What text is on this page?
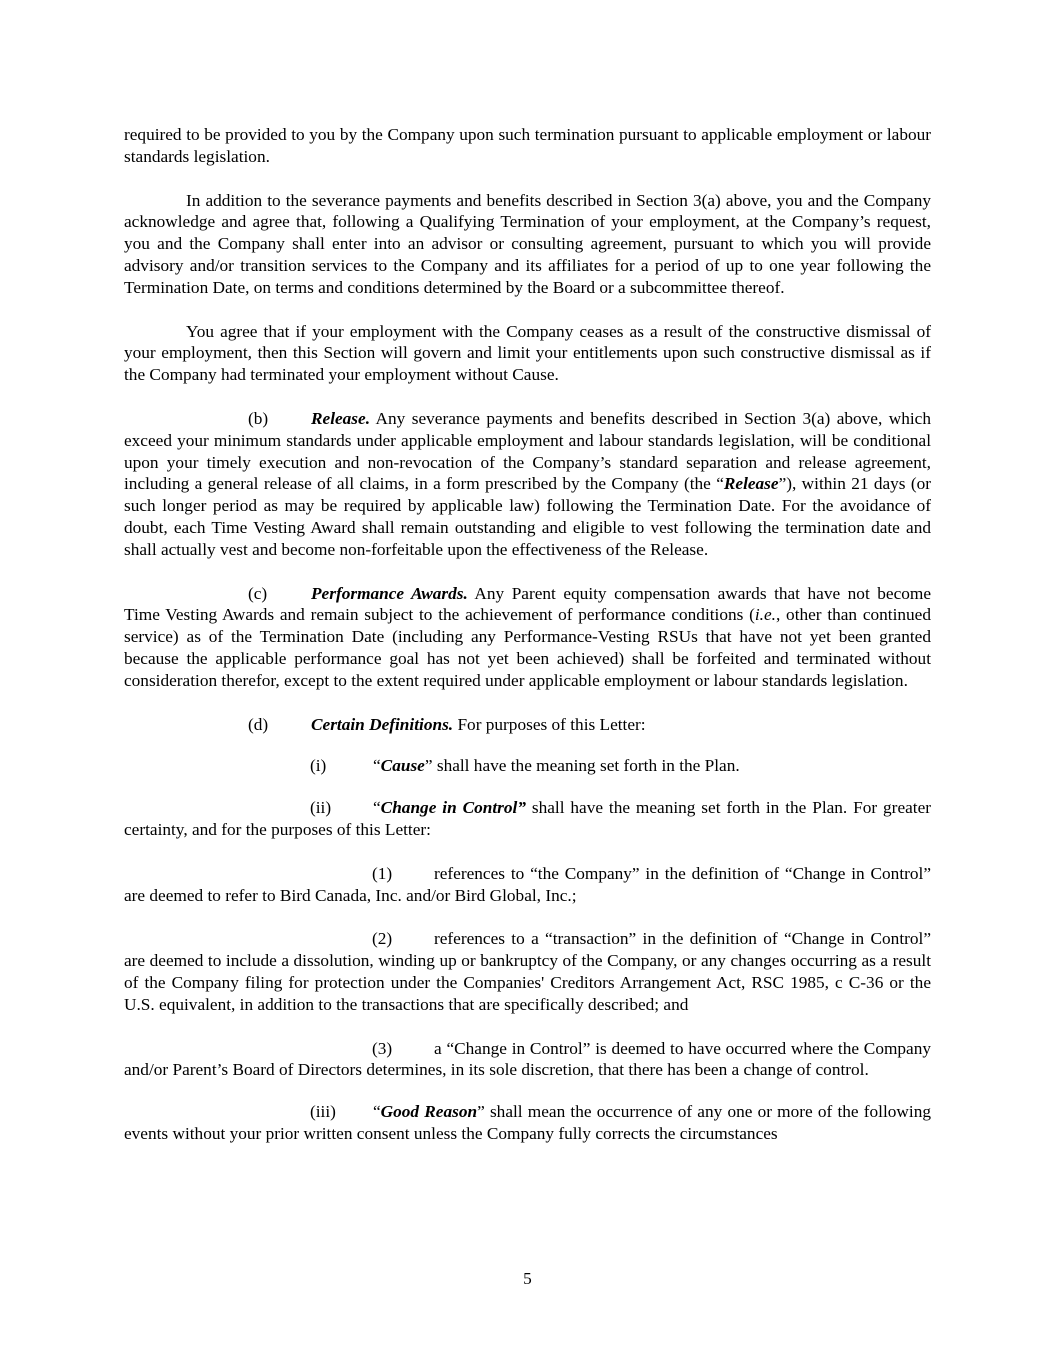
required to be provided to you by the Company upon such termination pursuant to applicable employment or labour standards legislation.

In addition to the severance payments and benefits described in Section 3(a) above, you and the Company acknowledge and agree that, following a Qualifying Termination of your employment, at the Company’s request, you and the Company shall enter into an advisor or consulting agreement, pursuant to which you will provide advisory and/or transition services to the Company and its affiliates for a period of up to one year following the Termination Date, on terms and conditions determined by the Board or a subcommittee thereof.

You agree that if your employment with the Company ceases as a result of the constructive dismissal of your employment, then this Section will govern and limit your entitlements upon such constructive dismissal as if the Company had terminated your employment without Cause.

(b) Release. Any severance payments and benefits described in Section 3(a) above, which exceed your minimum standards under applicable employment and labour standards legislation, will be conditional upon your timely execution and non-revocation of the Company’s standard separation and release agreement, including a general release of all claims, in a form prescribed by the Company (the “Release”), within 21 days (or such longer period as may be required by applicable law) following the Termination Date. For the avoidance of doubt, each Time Vesting Award shall remain outstanding and eligible to vest following the termination date and shall actually vest and become non-forfeitable upon the effectiveness of the Release.

(c)	Performance Awards. Any Parent equity compensation awards that have not become Time Vesting Awards and remain subject to the achievement of performance conditions (i.e., other than continued service) as of the Termination Date (including any Performance-Vesting RSUs that have not yet been granted because the applicable performance goal has not yet been achieved) shall be forfeited and terminated without consideration therefor, except to the extent required under applicable employment or labour standards legislation.

(d) Certain Definitions. For purposes of this Letter:

(i)	“Cause” shall have the meaning set forth in the Plan.

(ii) “Change in Control” shall have the meaning set forth in the Plan. For greater certainty, and for the purposes of this Letter:

(1) references to “the Company” in the definition of “Change in Control” are deemed to refer to Bird Canada, Inc. and/or Bird Global, Inc.;

(2) references to a “transaction” in the definition of “Change in Control” are deemed to include a dissolution, winding up or bankruptcy of the Company, or any changes occurring as a result of the Company filing for protection under the Companies' Creditors Arrangement Act, RSC 1985, c C-36 or the U.S. equivalent, in addition to the transactions that are specifically described; and

(3) a “Change in Control” is deemed to have occurred where the Company and/or Parent’s Board of Directors determines, in its sole discretion, that there has been a change of control.

(iii) “Good Reason” shall mean the occurrence of any one or more of the following events without your prior written consent unless the Company fully corrects the circumstances

5
